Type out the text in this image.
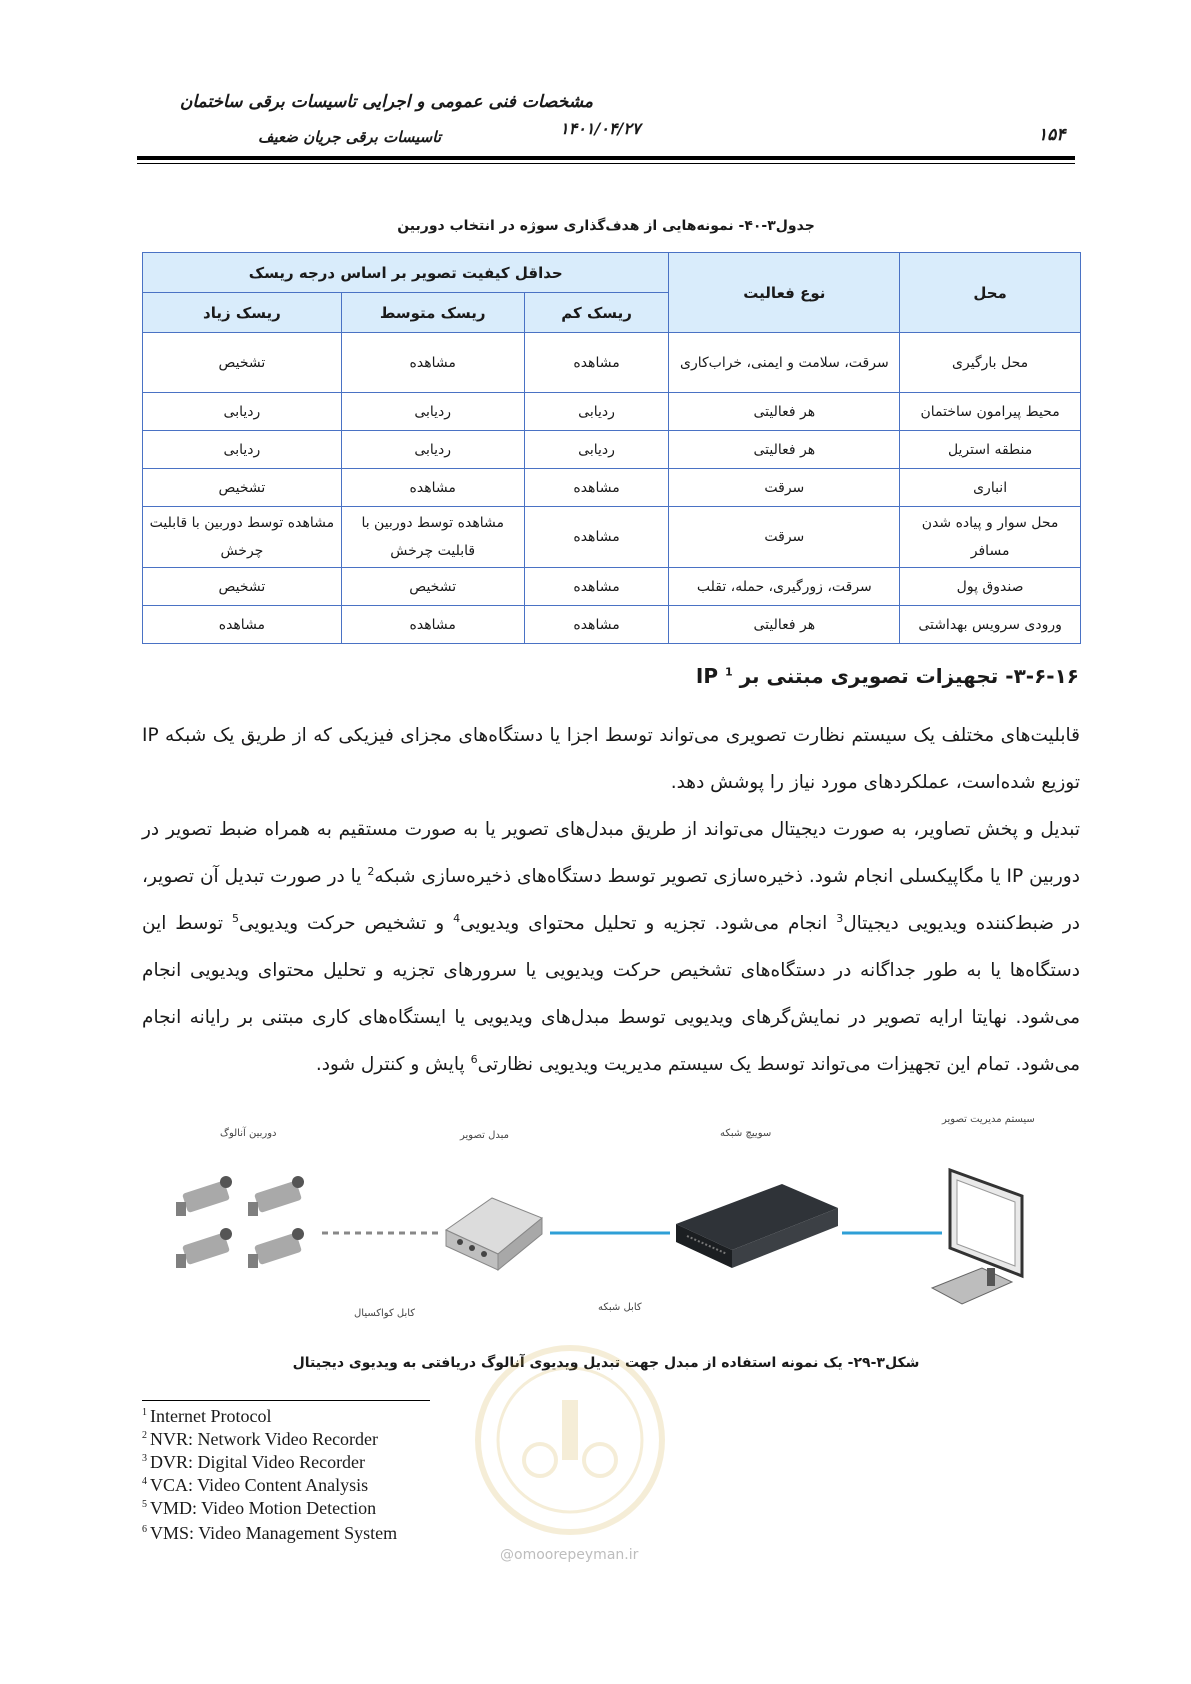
مشخصات فنی عمومی و اجرایی تاسیسات برقی ساختمان
تاسیسات برقی جریان ضعیف	۱۴۰۱/۰۴/۲۷	۱۵۴
جدول۳-۴۰- نمونه‌هایی از هدف‌گذاری سوژه در انتخاب دوربین
محل	نوع فعالیت	حداقل کیفیت تصویر بر اساس درجه ریسک		
		ریسک کم	ریسک متوسط	ریسک زیاد
محل بارگیری	سرقت، سلامت و ایمنی، خراب‌کاری	مشاهده	مشاهده	تشخیص
محیط پیرامون ساختمان	هر فعالیتی	ردیابی	ردیابی	ردیابی
منطقه استریل	هر فعالیتی	ردیابی	ردیابی	ردیابی
انباری	سرقت	مشاهده	مشاهده	تشخیص
محل سوار و پیاده شدن مسافر	سرقت	مشاهده	مشاهده توسط دوربین با قابلیت چرخش	مشاهده توسط دوربین با قابلیت چرخش
صندوق پول	سرقت، زورگیری، حمله، تقلب	مشاهده	تشخیص	تشخیص
ورودی سرویس بهداشتی	هر فعالیتی	مشاهده	مشاهده	مشاهده
۳-۶-۱۶- تجهیزات تصویری مبتنی بر IP $^1$
قابلیت‌های مختلف یک سیستم نظارت تصویری می‌تواند توسط اجزا یا دستگاه‌های مجزای فیزیکی که از طریق یک شبکه IP توزیع شده‌است، عملکردهای مورد نیاز را پوشش دهد.
تبدیل و پخش تصاویر، به صورت دیجیتال می‌تواند از طریق مبدل‌های تصویر یا به صورت مستقیم به همراه ضبط تصویر در دوربین IP یا مگاپیکسلی انجام شود. ذخیره‌سازی تصویر توسط دستگاه‌های ذخیره‌سازی شبکه$^2$ یا در صورت تبدیل آن تصویر، در ضبط‌کننده ویدیویی دیجیتال$^3$ انجام می‌شود. تجزیه و تحلیل محتوای ویدیویی$^4$ و تشخیص حرکت ویدیویی$^5$ توسط این دستگاه‌ها یا به طور جداگانه در دستگاه‌های تشخیص حرکت ویدیویی یا سرورهای تجزیه و تحلیل محتوای ویدیویی انجام می‌شود. نهایتا ارایه تصویر در نمایش‌گرهای ویدیویی توسط مبدل‌های ویدیویی یا ایستگاه‌های کاری مبتنی بر رایانه انجام می‌شود. تمام این تجهیزات می‌تواند توسط یک سیستم مدیریت ویدیویی نظارتی$^6$ پایش و کنترل شود.
دوربین آنالوگ	مبدل تصویر	سوییچ شبکه
سیستم مدیریت تصویر
کابل کواکسیال
کابل شبکه
شکل۳-۲۹- یک نمونه استفاده از مبدل جهت تبدیل ویدیوی آنالوگ دریافتی به ویدیوی دیجیتال
@omoorepeyman.ir
$^1$ Internet Protocol
$^2$ NVR: Network Video Recorder
$^3$ DVR: Digital Video Recorder
$^4$ VCA: Video Content Analysis
$^5$ VMD: Video Motion Detection
$^6$ VMS: Video Management System
